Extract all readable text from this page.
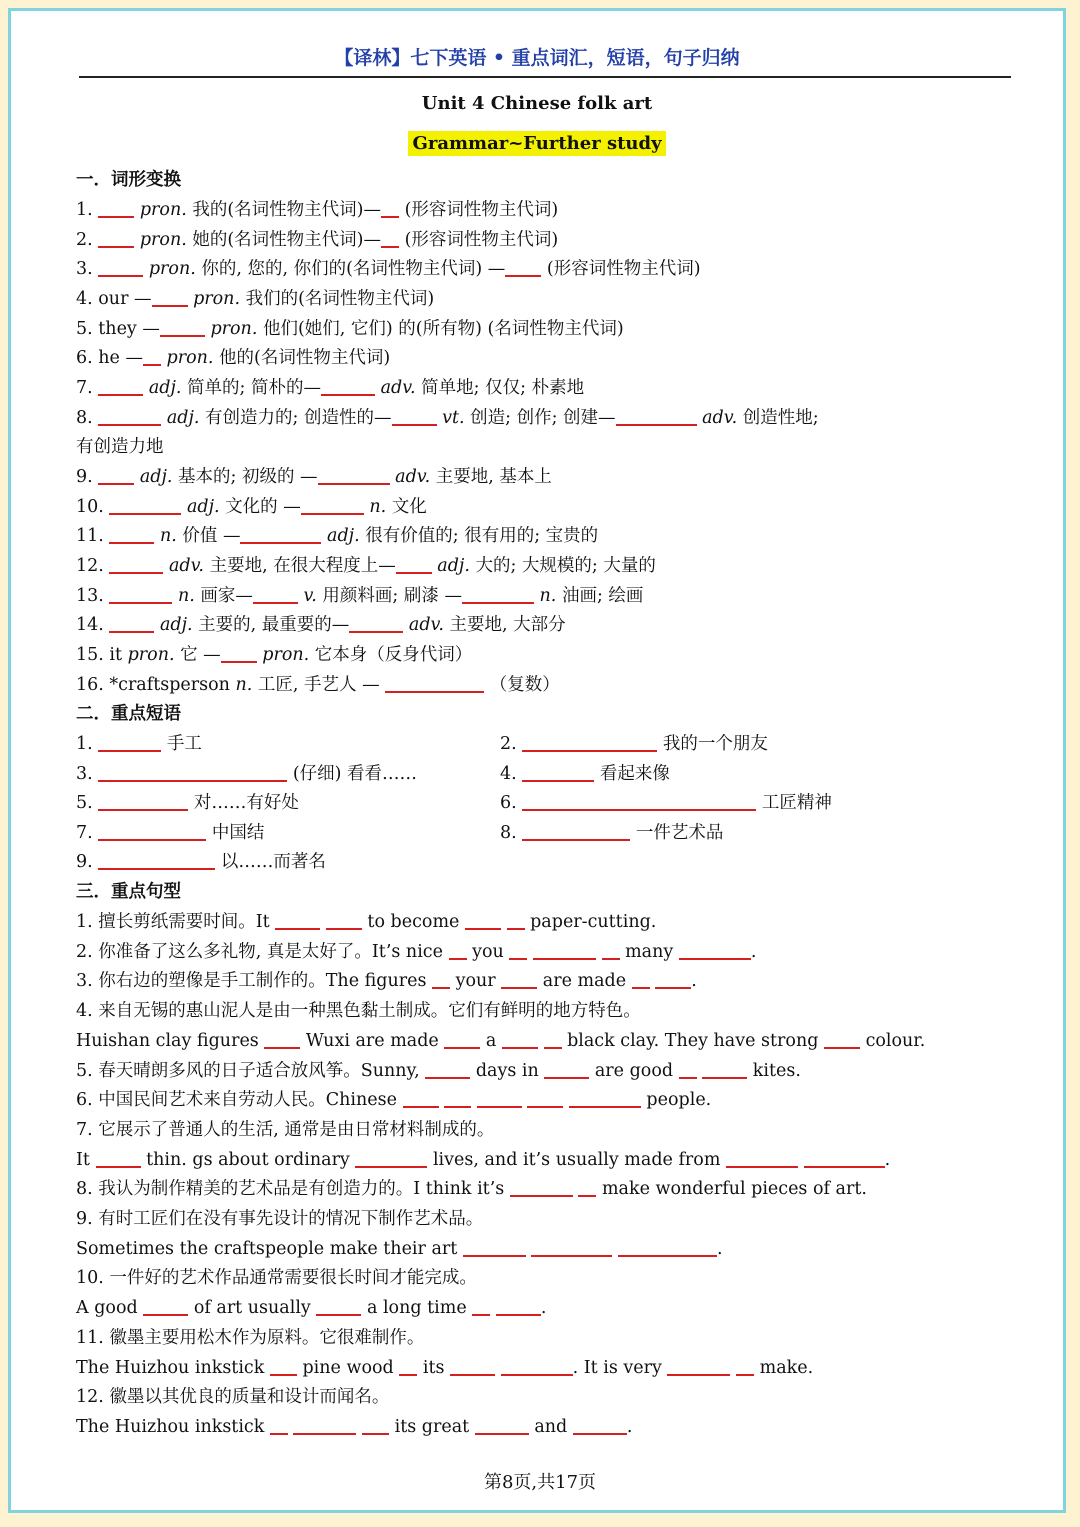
【译林】七下英语 • 重点词汇，短语，句子归纳
Unit 4 Chinese folk art
Grammar~Further study
一．词形变换
1.  pron. 我的(名词性物主代词)— (形容词性物主代词)
2.  pron. 她的(名词性物主代词)— (形容词性物主代词)
3.	pron. 你的, 您的, 你们的(名词性物主代词) — (形容词性物主代词)
4. our — pron. 我们的(名词性物主代词)
5. they —	pron. 他们(她们, 它们) 的(所有物) (名词性物主代词)
6. he — pron. 他的(名词性物主代词)
7.	adj. 简单的; 简朴的—	adv. 简单地; 仅仅; 朴素地
8.	adj. 有创造力的; 创造性的—	vt. 创造; 创作; 创建—	adv. 创造性地;
有创造力地
9.  adj. 基本的; 初级的 —	adv. 主要地, 基本上
10.	adj. 文化的 —	n. 文化
11.	n. 价值 —	adj. 很有价值的; 很有用的; 宝贵的
12.	adv. 主要地, 在很大程度上— adj. 大的; 大规模的; 大量的
13.	n. 画家—	v. 用颜料画; 刷漆 —	n. 油画; 绘画
14.	adj. 主要的, 最重要的—	adv. 主要地, 大部分
15. it pron. 它 — pron. 它本身（反身代词）
16. *craftsperson n. 工匠, 手艺人 —	（复数）
二．重点短语
1.	手工	2.	我的一个朋友
3.	(仔细) 看看……	4.	看起来像
5.	对……有好处	6.	工匠精神
7.	中国结	8.	一件艺术品
9.	以……而著名
三．重点句型
1. 擅长剪纸需要时间。It	to become	paper-cutting.
2. 你准备了这么多礼物, 真是太好了。It’s nice  you	many	.
3. 你右边的塑像是手工制作的。The figures  your  are made	.
4. 来自无锡的惠山泥人是由一种黑色黏土制成。它们有鲜明的地方特色。
Huishan clay figures  Wuxi are made  a	black clay. They have strong  colour.
5. 春天晴朗多风的日子适合放风筝。Sunny,	days in	are good	kites.
6. 中国民间艺术来自劳动人民。Chinese	people.
7. 它展示了普通人的生活, 通常是由日常材料制成的。
It	thin. gs about ordinary	lives, and it’s usually made from	.
8. 我认为制作精美的艺术品是有创造力的。I think it’s	make wonderful pieces of art.
9. 有时工匠们在没有事先设计的情况下制作艺术品。
Sometimes the craftspeople make their art	.
10. 一件好的艺术作品通常需要很长时间才能完成。
A good	of art usually	a long time	.
11. 徽墨主要用松木作为原料。它很难制作。
The Huizhou inkstick  pine wood  its	. It is very	make.
12. 徽墨以其优良的质量和设计而闻名。
The Huizhou inkstick	its great	and	.
第8页,共17页
